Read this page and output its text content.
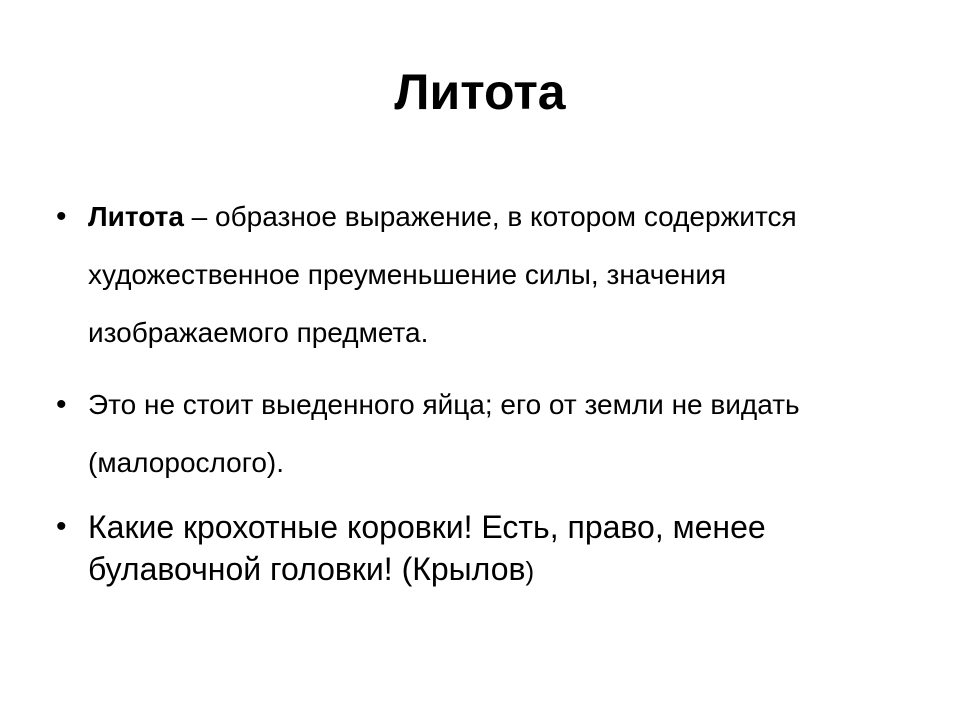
Литота
• Литота – образное выражение, в котором содержится художественное преуменьшение силы, значения изображаемого предмета.
• Это не стоит выеденного яйца; его от земли не видать (малорослого).
• Какие крохотные коровки! Есть, право, менее булавочной головки! (Крылов)
